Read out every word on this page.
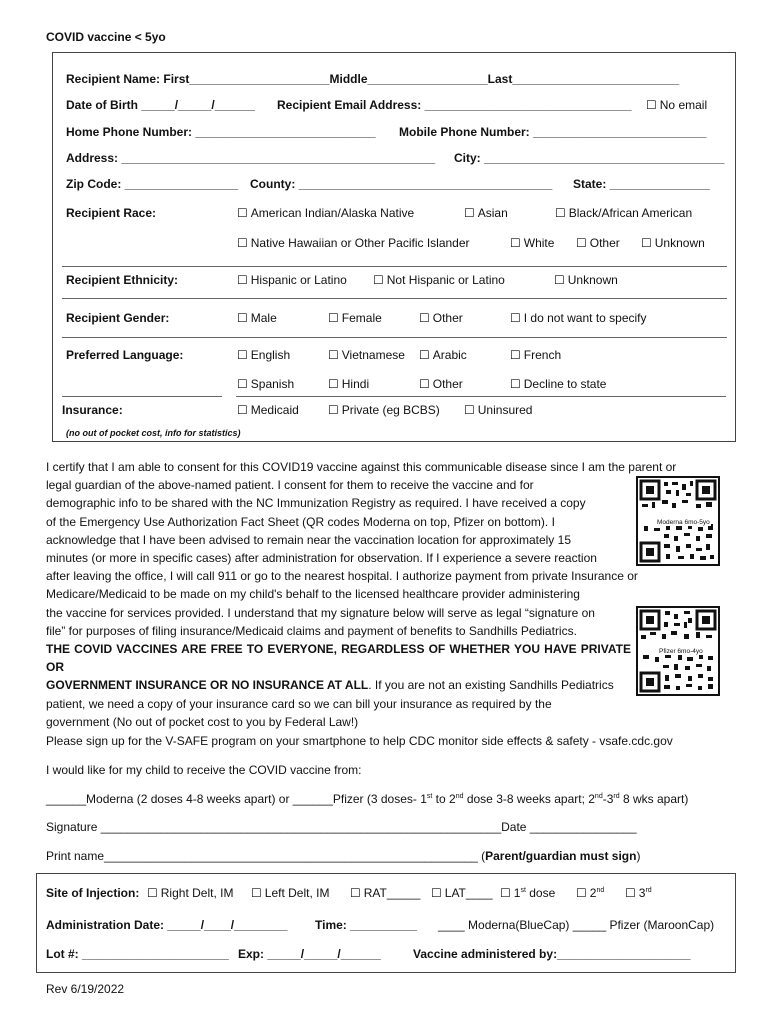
COVID vaccine < 5yo
Recipient Name: First_____________________Middle__________________Last_________________________
Date of Birth _____/_____/______ Recipient Email Address: _______________________________	☐ No email
Home Phone Number: ___________________________ Mobile Phone Number: __________________________
Address: _______________________________________________ City: ____________________________________
Zip Code: _________________ County: ______________________________________ State: _______________
Recipient Race:	☐ American Indian/Alaska Native	☐ Asian	☐ Black/African American
☐ Native Hawaiian or Other Pacific Islander	☐ White	☐ Other	☐ Unknown
Recipient Ethnicity:	☐ Hispanic or Latino	☐ Not Hispanic or Latino	☐ Unknown
Recipient Gender:	☐ Male	☐ Female	☐ Other	☐ I do not want to specify
Preferred Language:	☐ English	☐ Vietnamese	☐ Arabic	☐ French
☐ Spanish	☐ Hindi	☐ Other	☐ Decline to state
Insurance:	☐ Medicaid	☐ Private (eg BCBS)	☐ Uninsured
(no out of pocket cost, info for statistics)

I certify that I am able to consent for this COVID19 vaccine against this communicable disease since I am the parent or

legal guardian of the above-named patient. I consent for them to receive the vaccine and for

demographic info to be shared with the NC Immunization Registry as required. I have received a copy

of the Emergency Use Authorization Fact Sheet (QR codes Moderna on top, Pfizer on bottom). I

acknowledge that I have been advised to remain near the vaccination location for approximately 15

minutes (or more in specific cases) after administration for observation. If I experience a severe reaction

after leaving the office, I will call 911 or go to the nearest hospital. I authorize payment from private Insurance or

Medicare/Medicaid to be made on my child's behalf to the licensed healthcare provider administering

the vaccine for services provided. I understand that my signature below will serve as legal “signature on

file” for purposes of filing insurance/Medicaid claims and payment of benefits to Sandhills Pediatrics.

THE COVID VACCINES ARE FREE TO EVERYONE, REGARDLESS OF WHETHER YOU HAVE PRIVATE OR

GOVERNMENT INSURANCE OR NO INSURANCE AT ALL. If you are not an existing Sandhills Pediatrics

patient, we need a copy of your insurance card so we can bill your insurance as required by the

government (No out of pocket cost to you by Federal Law!)

Moderna 6mo-5yo
Pfizer 6mo-4yo
Please sign up for the V-SAFE program on your smartphone to help CDC monitor side effects & safety - vsafe.cdc.gov
I would like for my child to receive the COVID vaccine from:
______Moderna (2 doses 4-8 weeks apart) or ______Pfizer (3 doses- 1st to 2nd dose 3-8 weeks apart; 2nd-3rd 8 wks apart)
Signature ____________________________________________________________Date ________________
Print name________________________________________________________ (Parent/guardian must sign)
Site of Injection:	☐ Right Delt, IM	☐ Left Delt, IM	☐ RAT_____	☐ LAT____	☐ 1st dose	☐ 2nd	☐ 3rd
Administration Date: _____/____/________ Time: __________ ____ Moderna(BlueCap) _____ Pfizer (MaroonCap)
Lot #: ______________________ Exp: _____/_____/______	Vaccine administered by:____________________
Rev 6/19/2022
